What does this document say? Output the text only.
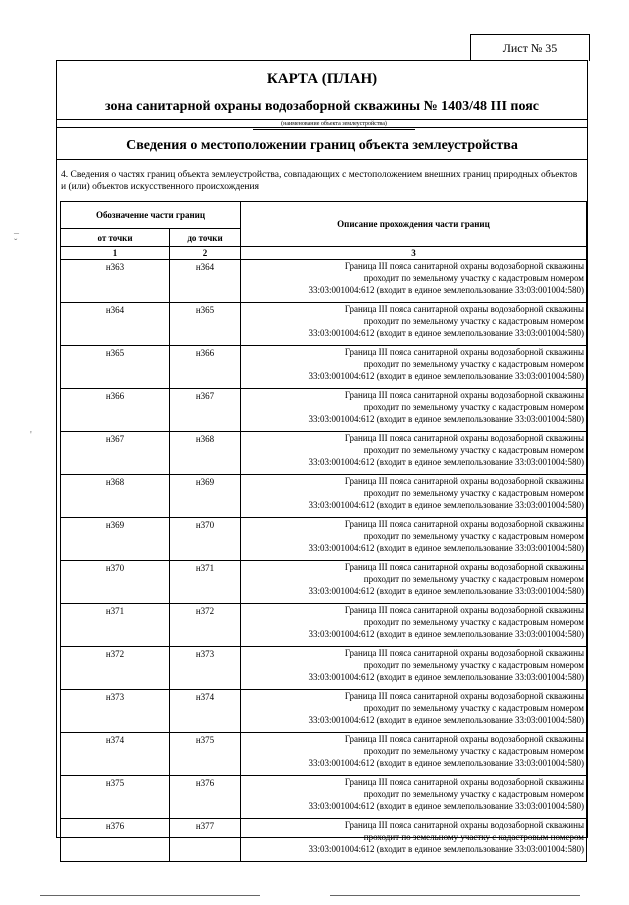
Лист № 35
КАРТА (ПЛАН)
зона санитарной охраны водозаборной скважины № 1403/48 III пояс
(наименование объекта землеустройства)
Сведения о местоположении границ объекта землеустройства
4. Сведения о частях границ объекта землеустройства, совпадающих с местоположением внешних границ природных объектов и (или) объектов искусственного происхождения
Обозначение части границ		Описание прохождения части границ
от точки	до точки	
1	2	3
н363	н364	Граница III пояса санитарной охраны водозаборной скважины
проходит по земельному участку с кадастровым номером
33:03:001004:612 (входит в единое землепользование 33:03:001004:580)

н364	н365	Граница III пояса санитарной охраны водозаборной скважины
проходит по земельному участку с кадастровым номером
33:03:001004:612 (входит в единое землепользование 33:03:001004:580)

н365	н366	Граница III пояса санитарной охраны водозаборной скважины
проходит по земельному участку с кадастровым номером
33:03:001004:612 (входит в единое землепользование 33:03:001004:580)

н366	н367	Граница III пояса санитарной охраны водозаборной скважины
проходит по земельному участку с кадастровым номером
33:03:001004:612 (входит в единое землепользование 33:03:001004:580)

н367	н368	Граница III пояса санитарной охраны водозаборной скважины
проходит по земельному участку с кадастровым номером
33:03:001004:612 (входит в единое землепользование 33:03:001004:580)

н368	н369	Граница III пояса санитарной охраны водозаборной скважины
проходит по земельному участку с кадастровым номером
33:03:001004:612 (входит в единое землепользование 33:03:001004:580)

н369	н370	Граница III пояса санитарной охраны водозаборной скважины
проходит по земельному участку с кадастровым номером
33:03:001004:612 (входит в единое землепользование 33:03:001004:580)

н370	н371	Граница III пояса санитарной охраны водозаборной скважины
проходит по земельному участку с кадастровым номером
33:03:001004:612 (входит в единое землепользование 33:03:001004:580)

н371	н372	Граница III пояса санитарной охраны водозаборной скважины
проходит по земельному участку с кадастровым номером
33:03:001004:612 (входит в единое землепользование 33:03:001004:580)

н372	н373	Граница III пояса санитарной охраны водозаборной скважины
проходит по земельному участку с кадастровым номером
33:03:001004:612 (входит в единое землепользование 33:03:001004:580)

н373	н374	Граница III пояса санитарной охраны водозаборной скважины
проходит по земельному участку с кадастровым номером
33:03:001004:612 (входит в единое землепользование 33:03:001004:580)

н374	н375	Граница III пояса санитарной охраны водозаборной скважины
проходит по земельному участку с кадастровым номером
33:03:001004:612 (входит в единое землепользование 33:03:001004:580)

н375	н376	Граница III пояса санитарной охраны водозаборной скважины
проходит по земельному участку с кадастровым номером
33:03:001004:612 (входит в единое землепользование 33:03:001004:580)

н376	н377	Граница III пояса санитарной охраны водозаборной скважины
проходит по земельному участку с кадастровым номером
33:03:001004:612 (входит в единое землепользование 33:03:001004:580)
–
ˇ
'
